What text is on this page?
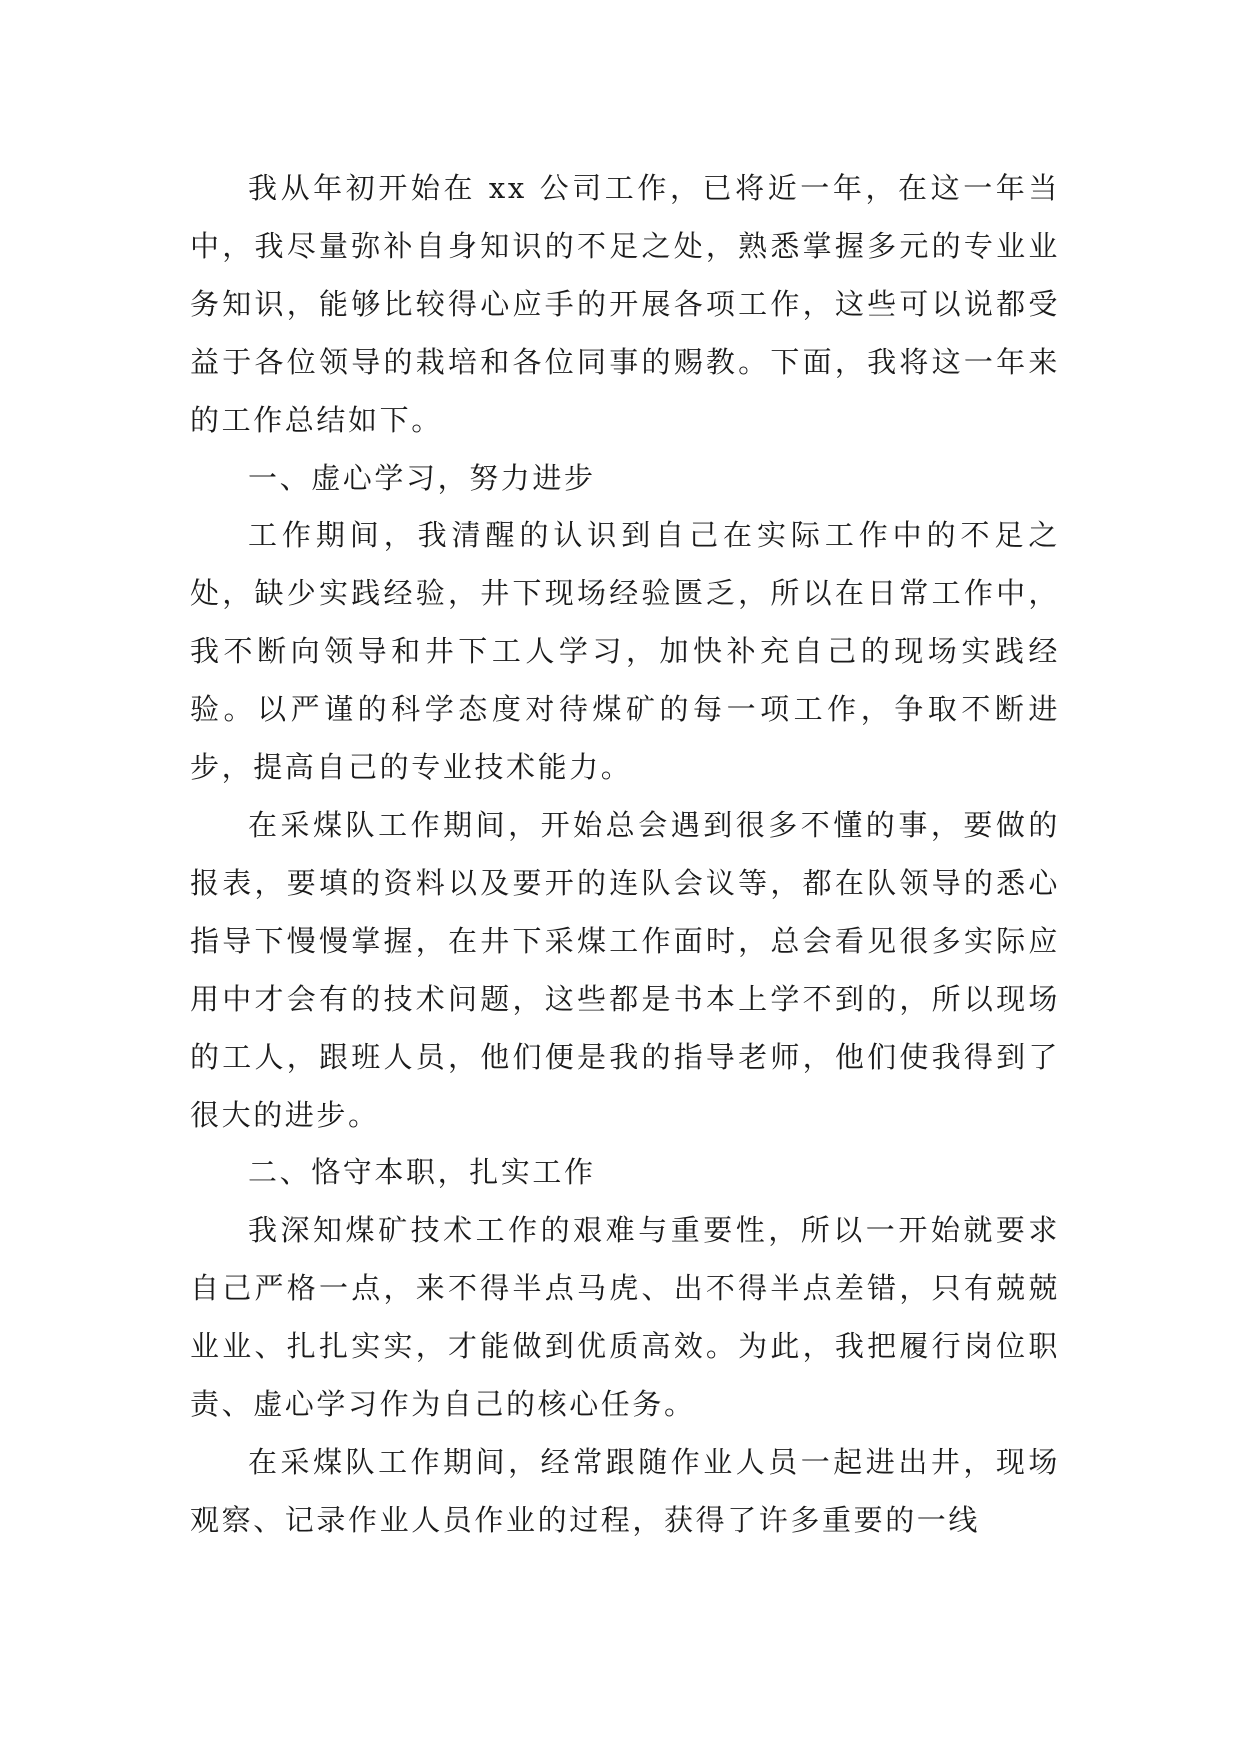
我从年初开始在 xx 公司工作，已将近一年，在这一年当中，我尽量弥补自身知识的不足之处，熟悉掌握多元的专业业务知识，能够比较得心应手的开展各项工作，这些可以说都受益于各位领导的栽培和各位同事的赐教。下面，我将这一年来的工作总结如下。

一、虚心学习，努力进步

工作期间，我清醒的认识到自己在实际工作中的不足之处，缺少实践经验，井下现场经验匮乏，所以在日常工作中，我不断向领导和井下工人学习，加快补充自己的现场实践经验。以严谨的科学态度对待煤矿的每一项工作，争取不断进步，提高自己的专业技术能力。

在采煤队工作期间，开始总会遇到很多不懂的事，要做的报表，要填的资料以及要开的连队会议等，都在队领导的悉心指导下慢慢掌握，在井下采煤工作面时，总会看见很多实际应用中才会有的技术问题，这些都是书本上学不到的，所以现场的工人，跟班人员，他们便是我的指导老师，他们使我得到了很大的进步。

二、恪守本职，扎实工作

我深知煤矿技术工作的艰难与重要性，所以一开始就要求自己严格一点，来不得半点马虎、出不得半点差错，只有兢兢业业、扎扎实实，才能做到优质高效。为此，我把履行岗位职责、虚心学习作为自己的核心任务。

在采煤队工作期间，经常跟随作业人员一起进出井，现场观察、记录作业人员作业的过程，获得了许多重要的一线
